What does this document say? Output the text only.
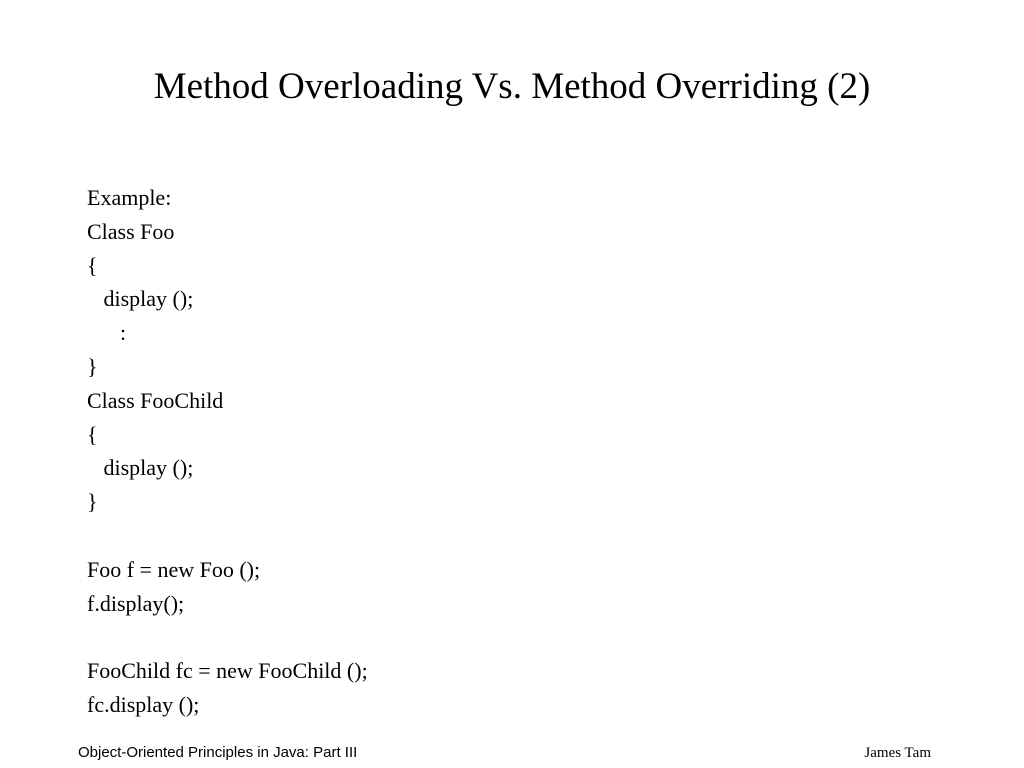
Method Overloading Vs. Method Overriding (2)
Example:
Class Foo
{
display ();
:
}
Class FooChild
{
display ();
}
Foo f = new Foo ();
f.display();
FooChild fc = new FooChild ();
fc.display ();
Object-Oriented Principles in Java: Part III	James Tam
